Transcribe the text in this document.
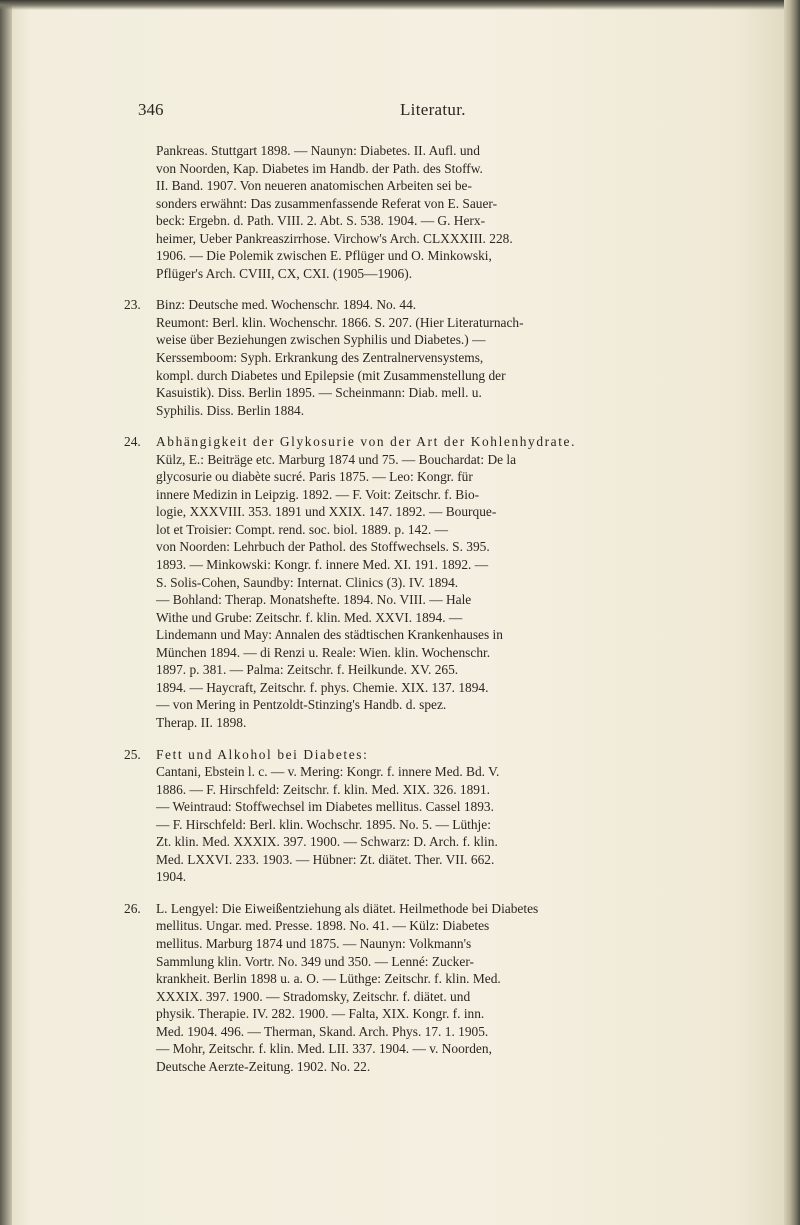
346	Literatur.
Pankreas. Stuttgart 1898. — Naunyn: Diabetes. II. Aufl. und
von Noorden, Kap. Diabetes im Handb. der Path. des Stoffw.
II. Band. 1907. Von neueren anatomischen Arbeiten sei be-
sonders erwähnt: Das zusammenfassende Referat von E. Sauer-
beck: Ergebn. d. Path. VIII. 2. Abt. S. 538. 1904. — G. Herx-
heimer, Ueber Pankreaszirrhose. Virchow's Arch. CLXXXIII. 228.
1906. — Die Polemik zwischen E. Pflüger und O. Minkowski,
Pflüger's Arch. CVIII, CX, CXI. (1905—1906).
23. Binz: Deutsche med. Wochenschr. 1894. No. 44.
Reumont: Berl. klin. Wochenschr. 1866. S. 207. (Hier Literaturnach-
weise über Beziehungen zwischen Syphilis und Diabetes.) —
Kerssemboom: Syph. Erkrankung des Zentralnervensystems,
kompl. durch Diabetes und Epilepsie (mit Zusammenstellung der
Kasuistik). Diss. Berlin 1895. — Scheinmann: Diab. mell. u.
Syphilis. Diss. Berlin 1884.
24. Abhängigkeit der Glykosurie von der Art der Kohlenhydrate.
Külz, E.: Beiträge etc. Marburg 1874 und 75. — Bouchardat: De la
glycosurie ou diabète sucré. Paris 1875. — Leo: Kongr. für
innere Medizin in Leipzig. 1892. — F. Voit: Zeitschr. f. Bio-
logie, XXXVIII. 353. 1891 und XXIX. 147. 1892. — Bourque-
lot et Troisier: Compt. rend. soc. biol. 1889. p. 142. —
von Noorden: Lehrbuch der Pathol. des Stoffwechsels. S. 395.
1893. — Minkowski: Kongr. f. innere Med. XI. 191. 1892. —
S. Solis-Cohen, Saundby: Internat. Clinics (3). IV. 1894.
— Bohland: Therap. Monatshefte. 1894. No. VIII. — Hale
Withe und Grube: Zeitschr. f. klin. Med. XXVI. 1894. —
Lindemann und May: Annalen des städtischen Krankenhauses in
München 1894. — di Renzi u. Reale: Wien. klin. Wochenschr.
1897. p. 381. — Palma: Zeitschr. f. Heilkunde. XV. 265.
1894. — Haycraft, Zeitschr. f. phys. Chemie. XIX. 137. 1894.
— von Mering in Pentzoldt-Stinzing's Handb. d. spez.
Therap. II. 1898.
25. Fett und Alkohol bei Diabetes:
Cantani, Ebstein l. c. — v. Mering: Kongr. f. innere Med. Bd. V.
1886. — F. Hirschfeld: Zeitschr. f. klin. Med. XIX. 326. 1891.
— Weintraud: Stoffwechsel im Diabetes mellitus. Cassel 1893.
— F. Hirschfeld: Berl. klin. Wochschr. 1895. No. 5. — Lüthje:
Zt. klin. Med. XXXIX. 397. 1900. — Schwarz: D. Arch. f. klin.
Med. LXXVI. 233. 1903. — Hübner: Zt. diätet. Ther. VII. 662.
1904.
26. L. Lengyel: Die Eiweißentziehung als diätet. Heilmethode bei Diabetes
mellitus. Ungar. med. Presse. 1898. No. 41. — Külz: Diabetes
mellitus. Marburg 1874 und 1875. — Naunyn: Volkmann's
Sammlung klin. Vortr. No. 349 und 350. — Lenné: Zucker-
krankheit. Berlin 1898 u. a. O. — Lüthge: Zeitschr. f. klin. Med.
XXXIX. 397. 1900. — Stradomsky, Zeitschr. f. diätet. und
physik. Therapie. IV. 282. 1900. — Falta, XIX. Kongr. f. inn.
Med. 1904. 496. — Therman, Skand. Arch. Phys. 17. 1. 1905.
— Mohr, Zeitschr. f. klin. Med. LII. 337. 1904. — v. Noorden,
Deutsche Aerzte-Zeitung. 1902. No. 22.
